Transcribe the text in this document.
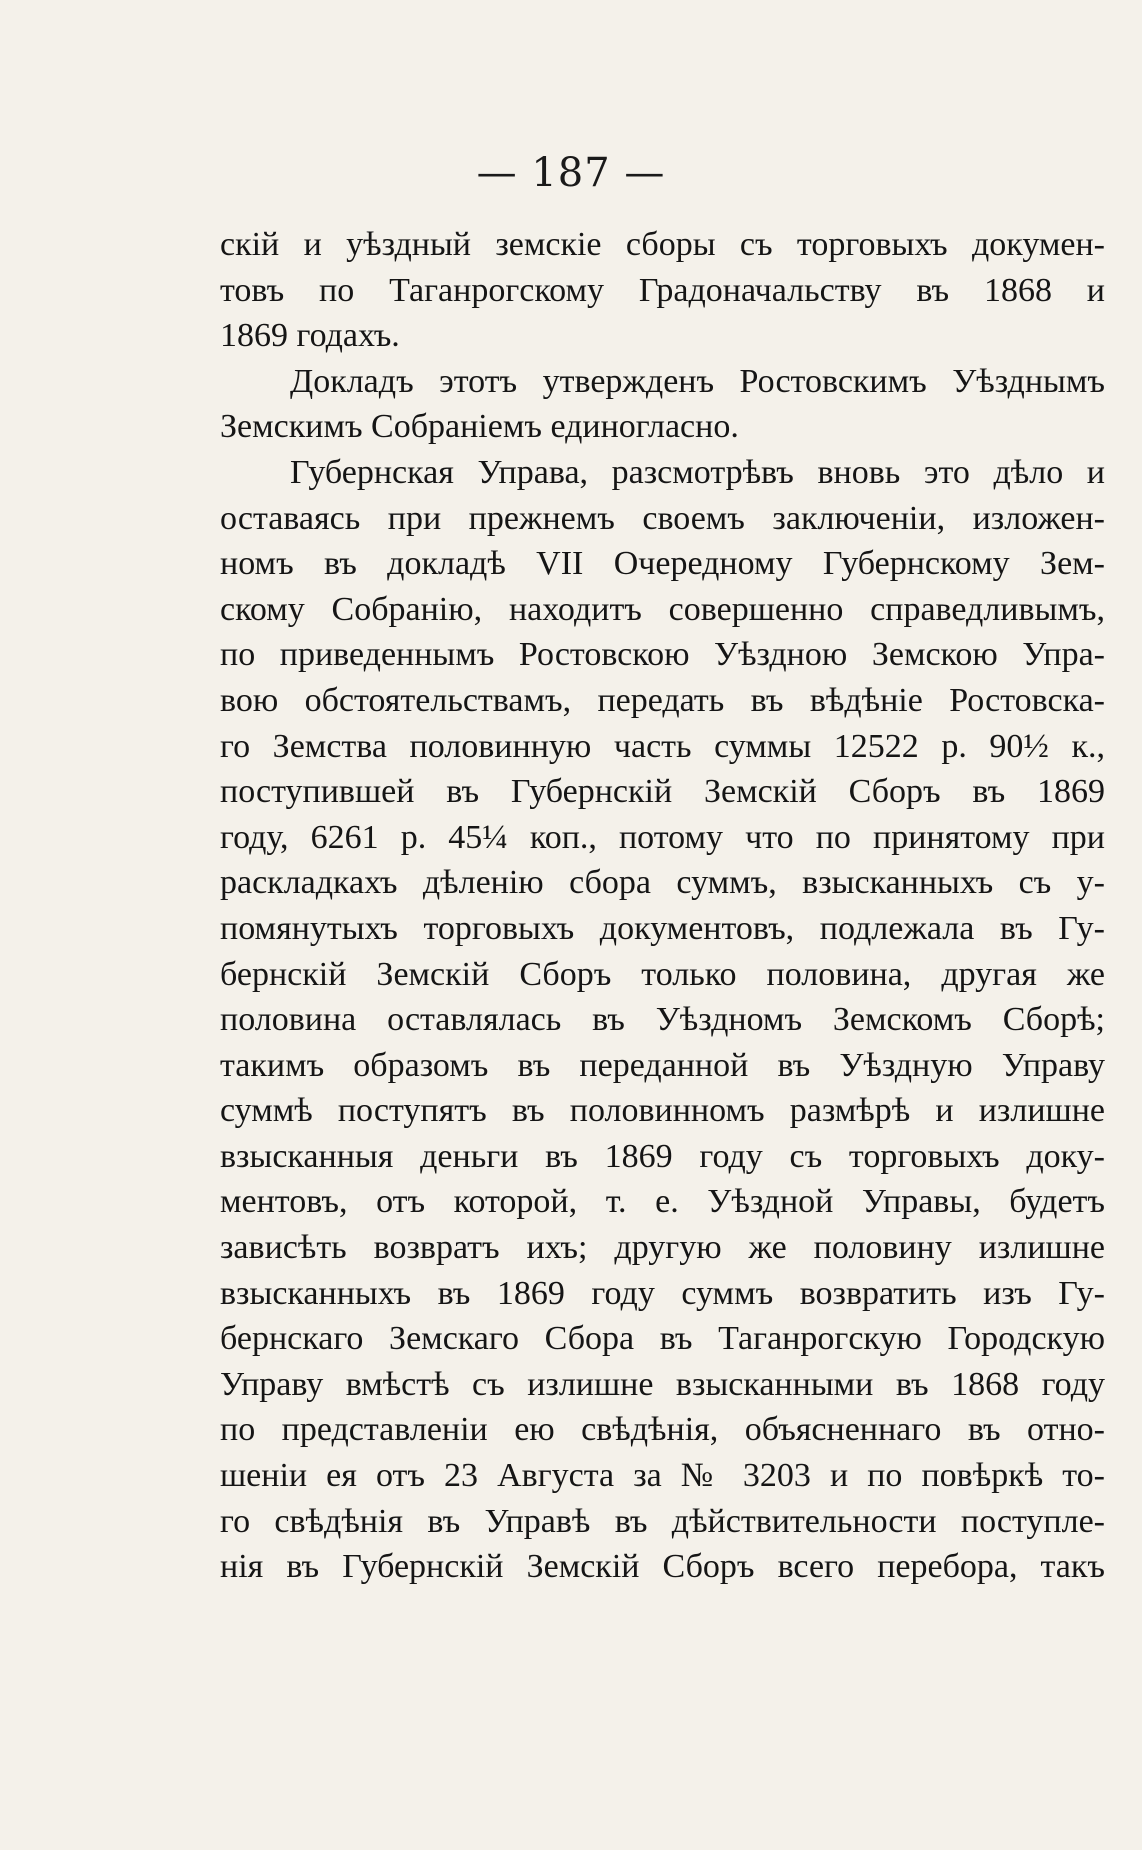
— 187 —
скій и уѣздный земскіе сборы съ торговыхъ докумен-
товъ по Таганрогскому Градоначальству въ 1868 и
1869 годахъ.
Докладъ этотъ утвержденъ Ростовскимъ Уѣзднымъ
Земскимъ Собраніемъ единогласно.
Губернская Управа, разсмотрѣвъ вновь это дѣло и
оставаясь при прежнемъ своемъ заключеніи, изложен-
номъ въ докладѣ VII Очередному Губернскому Зем-
скому Собранію, находитъ совершенно справедливымъ,
по приведеннымъ Ростовскою Уѣздною Земскою Упра-
вою обстоятельствамъ, передать въ вѣдѣніе Ростовска-
го Земства половинную часть суммы 12522 р. 90½ к.,
поступившей въ Губернскій Земскій Сборъ въ 1869
году, 6261 р. 45¼ коп., потому что по принятому при
раскладкахъ дѣленію сбора суммъ, взысканныхъ съ у-
помянутыхъ торговыхъ документовъ, подлежала въ Гу-
бернскій Земскій Сборъ только половина, другая же
половина оставлялась въ Уѣздномъ Земскомъ Сборѣ;
такимъ образомъ въ переданной въ Уѣздную Управу
суммѣ поступятъ въ половинномъ размѣрѣ и излишне
взысканныя деньги въ 1869 году съ торговыхъ доку-
ментовъ, отъ которой, т. е. Уѣздной Управы, будетъ
зависѣть возвратъ ихъ; другую же половину излишне
взысканныхъ въ 1869 году суммъ возвратить изъ Гу-
бернскаго Земскаго Сбора въ Таганрогскую Городскую
Управу вмѣстѣ съ излишне взысканными въ 1868 году
по представленіи ею свѣдѣнія, объясненнаго въ отно-
шеніи ея отъ 23 Августа за № 3203 и по повѣркѣ то-
го свѣдѣнія въ Управѣ въ дѣйствительности поступле-
нія въ Губернскій Земскій Сборъ всего перебора, такъ
